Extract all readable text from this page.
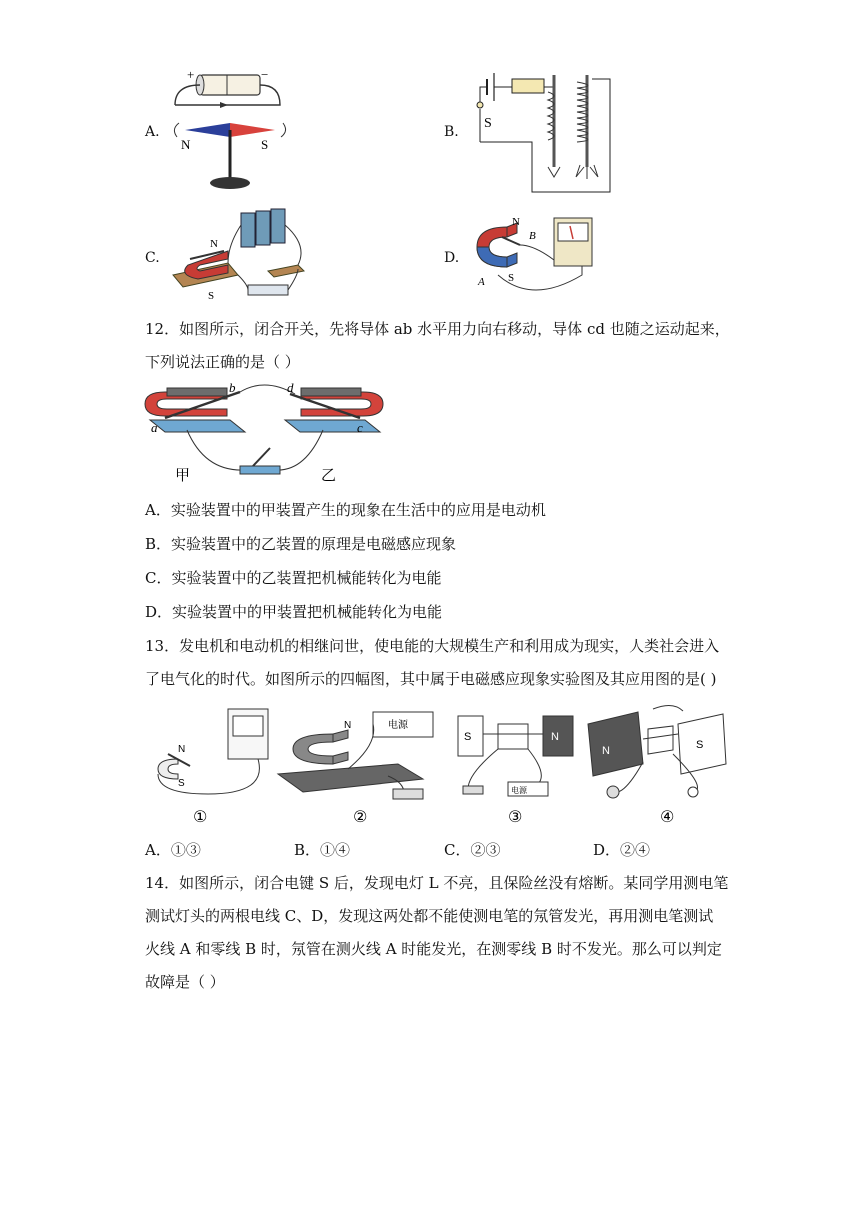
A.
+	−
N	S
B.
S
C.
N
S
D.
N
S
A
B
12．如图所示，闭合开关，先将导体 ab 水平用力向右移动，导体 cd 也随之运动起来，
下列说法正确的是（ ）
b
a
d
c
甲	乙
A．实验装置中的甲装置产生的现象在生活中的应用是电动机
B．实验装置中的乙装置的原理是电磁感应现象
C．实验装置中的乙装置把机械能转化为电能
D．实验装置中的甲装置把机械能转化为电能
13．发电机和电动机的相继问世，使电能的大规模生产和利用成为现实，人类社会进入
了电气化的时代。如图所示的四幅图，其中属于电磁感应现象实验图及其应用图的是( )
N
S
①
N	电源
②
S	N
电源
③
N	S
④
A．①③	B．①④	C．②③	D．②④
14．如图所示，闭合电键 S 后，发现电灯 L 不亮，且保险丝没有熔断。某同学用测电笔
测试灯头的两根电线 C、D，发现这两处都不能使测电笔的氖管发光，再用测电笔测试
火线 A 和零线 B 时，氖管在测火线 A 时能发光，在测零线 B 时不发光。那么可以判定
故障是（ ）
